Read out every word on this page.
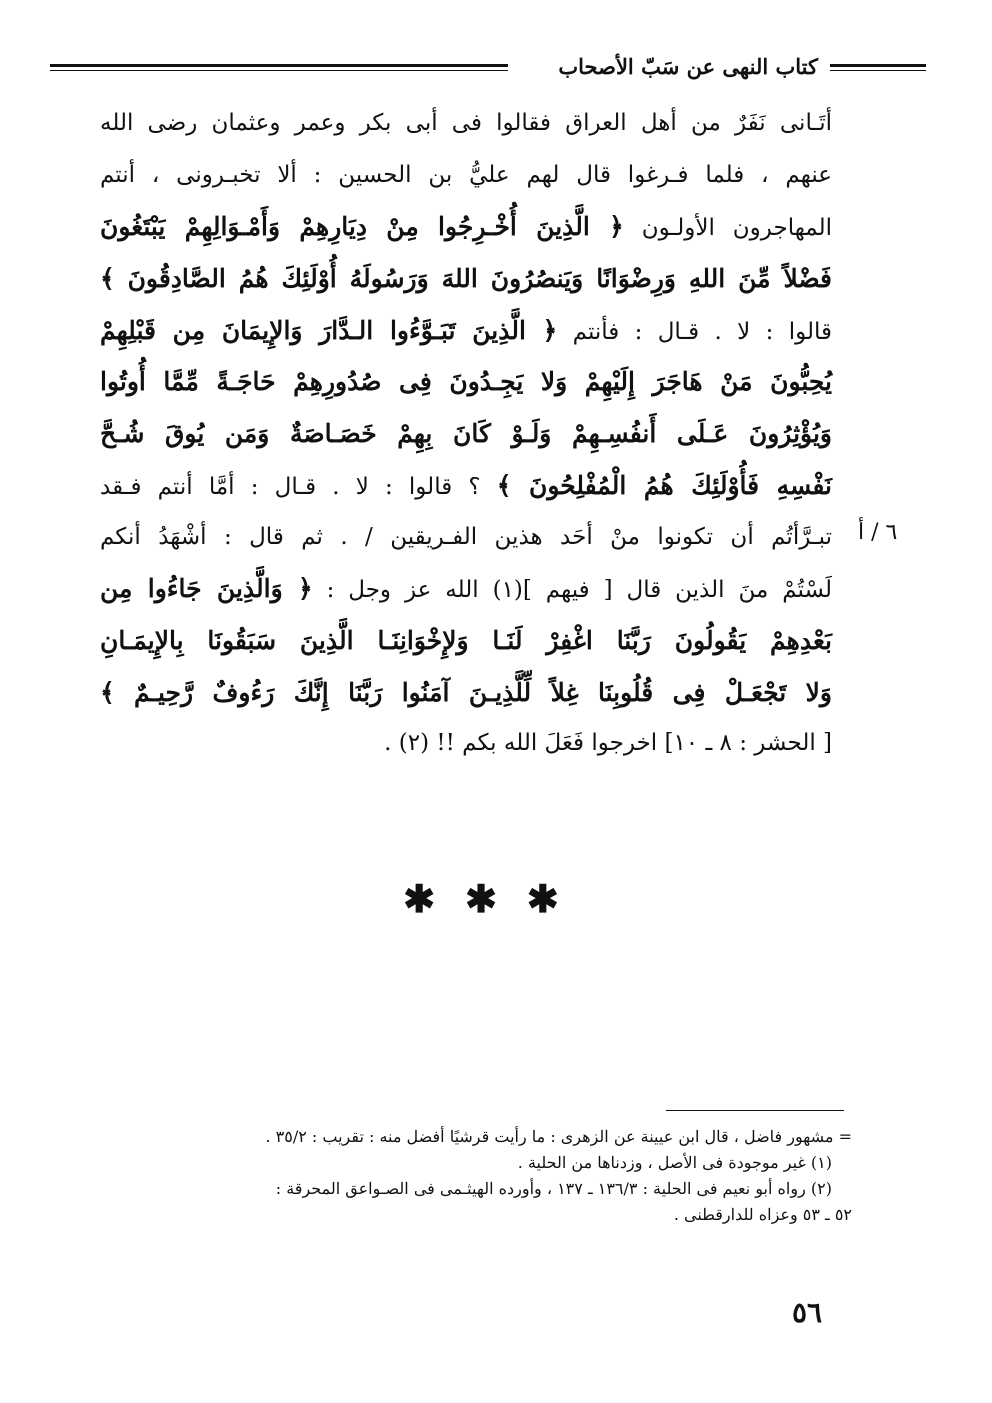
كتاب النهى عن سَبّ الأصحاب
أتَـانى نَفَرٌ من أهل العراق فقالوا فى أبى بكر وعمر وعثمان رضى الله
عنهم ، فلما فـرغوا قال لهم عليُّ بن الحسين : ألا تخبـرونى ، أنتم
المهاجرون الأولـون ﴿ الَّذِينَ أُخْـرِجُوا مِنْ دِيَارِهِمْ وَأَمْـوَالِهِمْ يَبْتَغُونَ
فَضْلاً مِّنَ اللهِ وَرِضْوَانًا وَيَنصُرُونَ اللهَ وَرَسُولَهُ أُوْلَئِكَ هُمُ الصَّادِقُونَ ﴾
قالوا : لا . قـال : فأنتم ﴿ الَّذِينَ تَبَـوَّءُوا الـدَّارَ وَالإِيمَانَ مِن قَبْلِهِمْ
يُحِبُّونَ مَنْ هَاجَرَ إِلَيْهِمْ وَلا يَجِـدُونَ فِى صُدُورِهِمْ حَاجَـةً مِّمَّا أُوتُوا
وَيُؤْثِرُونَ عَـلَى أَنفُسِـهِمْ وَلَـوْ كَانَ بِهِمْ خَصَـاصَةٌ وَمَن يُوقَ شُـحَّ
نَفْسِهِ فَأُوْلَئِكَ هُمُ الْمُفْلِحُونَ ﴾ ؟ قالوا : لا . قـال : أمَّا أنتم فـقد
تبـرَّأتُم أن تكونوا منْ أحَد هذين الفـريقين / . ثم قال : أشْهَدُ أنكم
لَسْتُمْ منَ الذين قال [ فيهم ](١) الله عز وجل : ﴿ وَالَّذِينَ جَاءُوا مِن
بَعْدِهِمْ يَقُولُونَ رَبَّنَا اغْفِرْ لَنَـا وَلإِخْوَانِنَـا الَّذِينَ سَبَقُونَا بِالإِيمَـانِ
وَلا تَجْعَـلْ فِى قُلُوبِنَا غِلاً لِّلَّذِيـنَ آمَنُوا رَبَّنَا إِنَّكَ رَءُوفٌ رَّحِيـمٌ ﴾
[ الحشر : ٨ ـ ١٠] اخرجوا فَعَلَ الله بكم !! (٢) .
٦ / أ
✱✱✱
= مشهور فاضل ، قال ابن عيينة عن الزهرى : ما رأيت قرشيًا أفضل منه : تقريب : ٣٥/٢ .
(١) غير موجودة فى الأصل ، وزدناها من الحلية .
(٢) رواه أبو نعيم فى الحلية : ١٣٦/٣ ـ ١٣٧ ، وأورده الهيثـمى فى الصـواعق المحرقة :
٥٢ ـ ٥٣ وعزاه للدارقطنى .
٥٦
